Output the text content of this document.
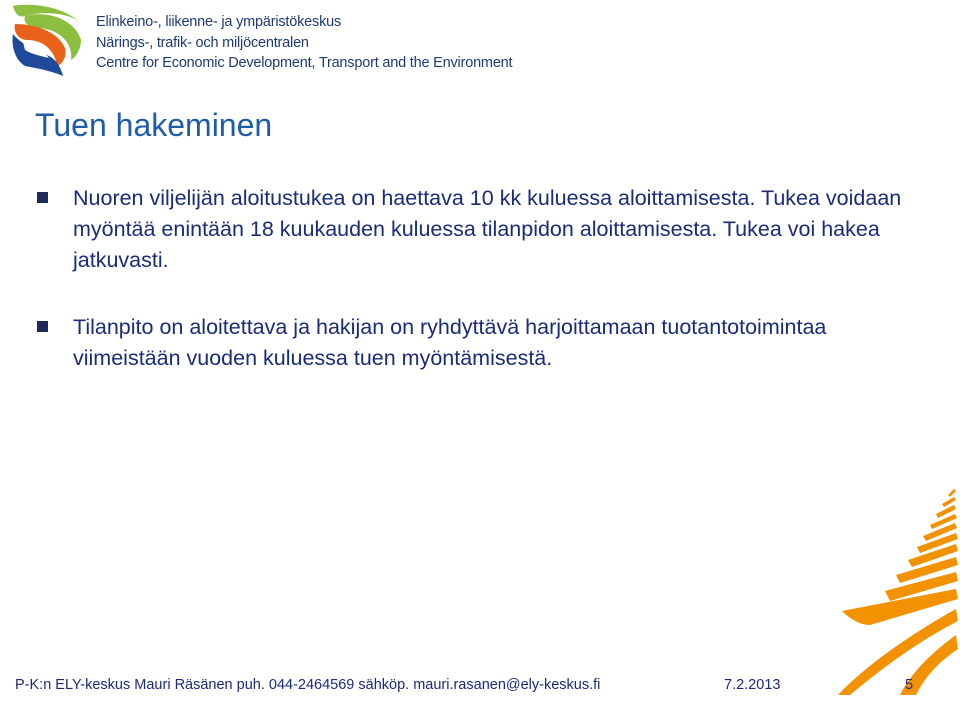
Elinkeino-, liikenne- ja ympäristökeskus
Närings-, trafik- och miljöcentralen
Centre for Economic Development, Transport and the Environment
Tuen hakeminen
Nuoren viljelijän aloitustukea on haettava 10 kk kuluessa aloittamisesta. Tukea voidaan myöntää enintään 18 kuukauden kuluessa tilanpidon aloittamisesta. Tukea voi hakea jatkuvasti.
Tilanpito on aloitettava ja hakijan on ryhdyttävä harjoittamaan tuotantotoimintaa viimeistään vuoden kuluessa tuen myöntämisestä.
P-K:n ELY-keskus Mauri Räsänen puh. 044-2464569 sähköp. mauri.rasanen@ely-keskus.fi	7.2.2013	5
